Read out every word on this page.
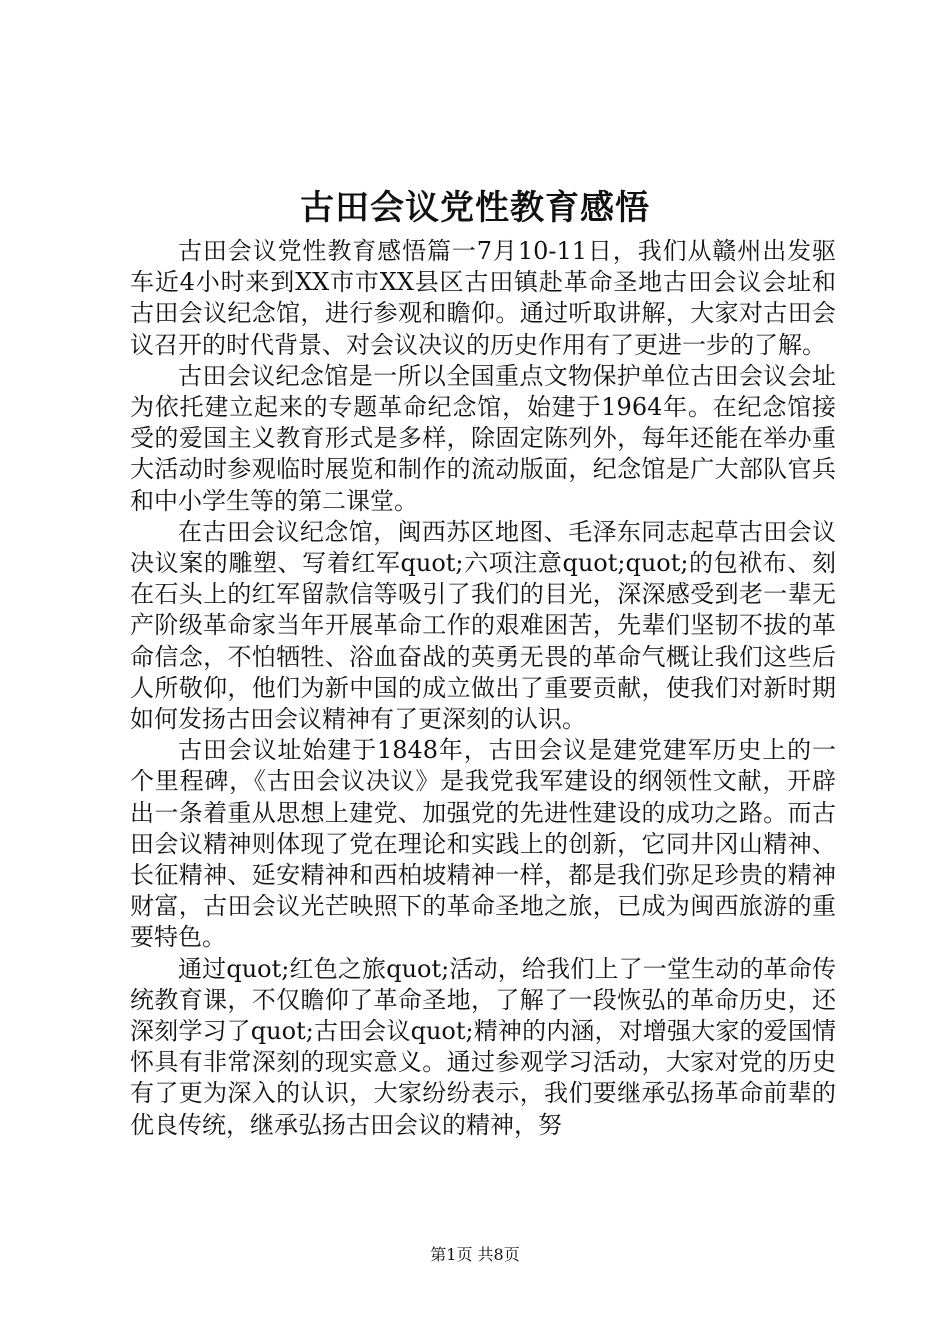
古田会议党性教育感悟

古田会议党性教育感悟篇一7月10-11日，我们从赣州出发驱车近4小时来到XX市市XX县区古田镇赴革命圣地古田会议会址和古田会议纪念馆，进行参观和瞻仰。通过听取讲解，大家对古田会议召开的时代背景、对会议决议的历史作用有了更进一步的了解。

古田会议纪念馆是一所以全国重点文物保护单位古田会议会址为依托建立起来的专题革命纪念馆，始建于1964年。在纪念馆接受的爱国主义教育形式是多样，除固定陈列外，每年还能在举办重大活动时参观临时展览和制作的流动版面，纪念馆是广大部队官兵和中小学生等的第二课堂。

在古田会议纪念馆，闽西苏区地图、毛泽东同志起草古田会议决议案的雕塑、写着红军quot;六项注意quot;quot;的包袱布、刻在石头上的红军留款信等吸引了我们的目光，深深感受到老一辈无产阶级革命家当年开展革命工作的艰难困苦，先辈们坚韧不拔的革命信念，不怕牺牲、浴血奋战的英勇无畏的革命气概让我们这些后人所敬仰，他们为新中国的成立做出了重要贡献，使我们对新时期如何发扬古田会议精神有了更深刻的认识。

古田会议址始建于1848年，古田会议是建党建军历史上的一个里程碑，《古田会议决议》是我党我军建设的纲领性文献，开辟出一条着重从思想上建党、加强党的先进性建设的成功之路。而古田会议精神则体现了党在理论和实践上的创新，它同井冈山精神、长征精神、延安精神和西柏坡精神一样，都是我们弥足珍贵的精神财富，古田会议光芒映照下的革命圣地之旅，已成为闽西旅游的重要特色。

通过quot;红色之旅quot;活动，给我们上了一堂生动的革命传统教育课，不仅瞻仰了革命圣地，了解了一段恢弘的革命历史，还深刻学习了quot;古田会议quot;精神的内涵，对增强大家的爱国情怀具有非常深刻的现实意义。通过参观学习活动，大家对党的历史有了更为深入的认识，大家纷纷表示，我们要继承弘扬革命前辈的优良传统，继承弘扬古田会议的精神，努

第1页 共8页
